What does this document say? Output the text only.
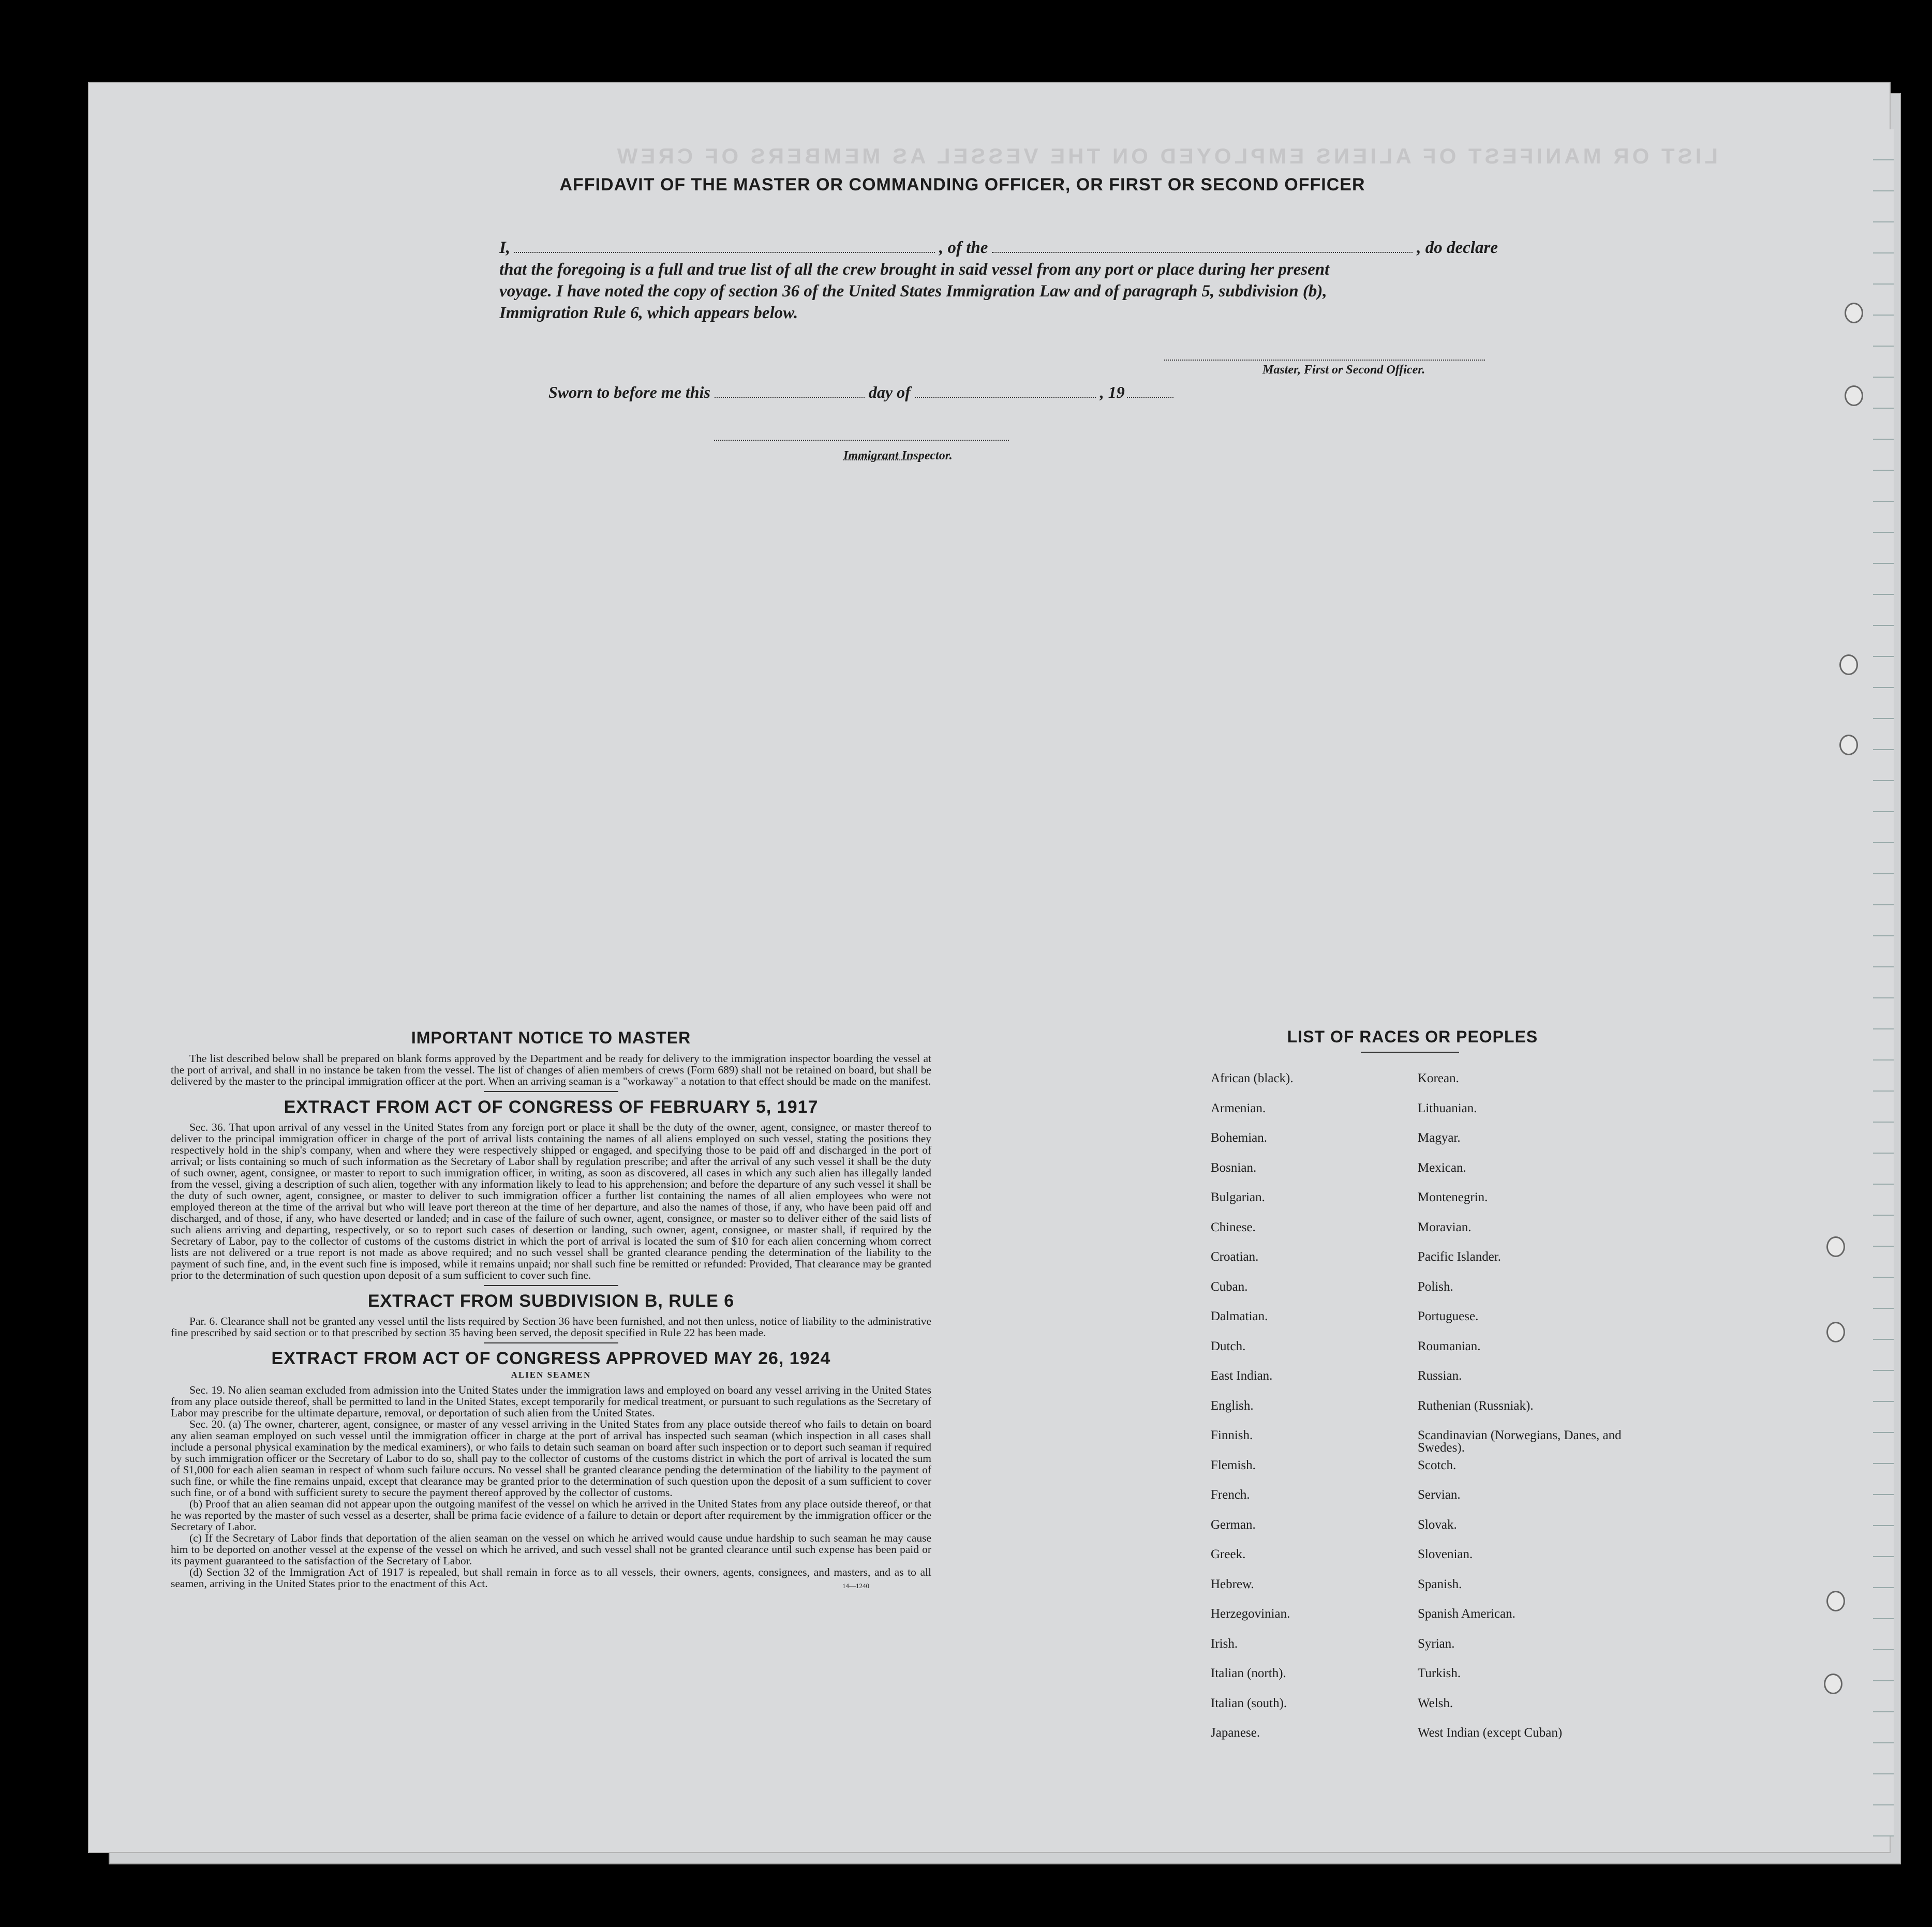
LIST OR MANIFEST OF ALIENS EMPLOYED ON THE VESSEL AS MEMBERS OF CREW
AFFIDAVIT OF THE MASTER OR COMMANDING OFFICER, OR FIRST OR SECOND OFFICER
I,	, of the	, do declare
that the foregoing is a full and true list of all the crew brought in said vessel from any port or place during her present
voyage. I have noted the copy of section 36 of the United States Immigration Law and of paragraph 5, subdivision (b),
Immigration Rule 6, which appears below.
Master, First or Second Officer.
Sworn to before me this	day of	, 19
Immigrant Inspector.
IMPORTANT NOTICE TO MASTER

The list described below shall be prepared on blank forms approved by the Department and be ready for delivery to the immigration inspector boarding the vessel at the port of arrival, and shall in no instance be taken from the vessel. The list of changes of alien members of crews (Form 689) shall not be retained on board, but shall be delivered by the master to the principal immigration officer at the port. When an arriving seaman is a "workaway" a notation to that effect should be made on the manifest.

EXTRACT FROM ACT OF CONGRESS OF FEBRUARY 5, 1917

Sec. 36. That upon arrival of any vessel in the United States from any foreign port or place it shall be the duty of the owner, agent, consignee, or master thereof to deliver to the principal immigration officer in charge of the port of arrival lists containing the names of all aliens employed on such vessel, stating the positions they respectively hold in the ship's company, when and where they were respectively shipped or engaged, and specifying those to be paid off and discharged in the port of arrival; or lists containing so much of such information as the Secretary of Labor shall by regulation prescribe; and after the arrival of any such vessel it shall be the duty of such owner, agent, consignee, or master to report to such immigration officer, in writing, as soon as discovered, all cases in which any such alien has illegally landed from the vessel, giving a description of such alien, together with any information likely to lead to his apprehension; and before the departure of any such vessel it shall be the duty of such owner, agent, consignee, or master to deliver to such immigration officer a further list containing the names of all alien employees who were not employed thereon at the time of the arrival but who will leave port thereon at the time of her departure, and also the names of those, if any, who have been paid off and discharged, and of those, if any, who have deserted or landed; and in case of the failure of such owner, agent, consignee, or master so to deliver either of the said lists of such aliens arriving and departing, respectively, or so to report such cases of desertion or landing, such owner, agent, consignee, or master shall, if required by the Secretary of Labor, pay to the collector of customs of the customs district in which the port of arrival is located the sum of $10 for each alien concerning whom correct lists are not delivered or a true report is not made as above required; and no such vessel shall be granted clearance pending the determination of the liability to the payment of such fine, and, in the event such fine is imposed, while it remains unpaid; nor shall such fine be remitted or refunded: Provided, That clearance may be granted prior to the determination of such question upon deposit of a sum sufficient to cover such fine.

EXTRACT FROM SUBDIVISION B, RULE 6

Par. 6. Clearance shall not be granted any vessel until the lists required by Section 36 have been furnished, and not then unless, notice of liability to the administrative fine prescribed by said section or to that prescribed by section 35 having been served, the deposit specified in Rule 22 has been made.

EXTRACT FROM ACT OF CONGRESS APPROVED MAY 26, 1924
ALIEN SEAMEN

Sec. 19. No alien seaman excluded from admission into the United States under the immigration laws and employed on board any vessel arriving in the United States from any place outside thereof, shall be permitted to land in the United States, except temporarily for medical treatment, or pursuant to such regulations as the Secretary of Labor may prescribe for the ultimate departure, removal, or deportation of such alien from the United States.

Sec. 20. (a) The owner, charterer, agent, consignee, or master of any vessel arriving in the United States from any place outside thereof who fails to detain on board any alien seaman employed on such vessel until the immigration officer in charge at the port of arrival has inspected such seaman (which inspection in all cases shall include a personal physical examination by the medical examiners), or who fails to detain such seaman on board after such inspection or to deport such seaman if required by such immigration officer or the Secretary of Labor to do so, shall pay to the collector of customs of the customs district in which the port of arrival is located the sum of $1,000 for each alien seaman in respect of whom such failure occurs. No vessel shall be granted clearance pending the determination of the liability to the payment of such fine, or while the fine remains unpaid, except that clearance may be granted prior to the determination of such question upon the deposit of a sum sufficient to cover such fine, or of a bond with sufficient surety to secure the payment thereof approved by the collector of customs.

(b) Proof that an alien seaman did not appear upon the outgoing manifest of the vessel on which he arrived in the United States from any place outside thereof, or that he was reported by the master of such vessel as a deserter, shall be prima facie evidence of a failure to detain or deport after requirement by the immigration officer or the Secretary of Labor.

(c) If the Secretary of Labor finds that deportation of the alien seaman on the vessel on which he arrived would cause undue hardship to such seaman he may cause him to be deported on another vessel at the expense of the vessel on which he arrived, and such vessel shall not be granted clearance until such expense has been paid or its payment guaranteed to the satisfaction of the Secretary of Labor.

(d) Section 32 of the Immigration Act of 1917 is repealed, but shall remain in force as to all vessels, their owners, agents, consignees, and masters, and as to all seamen, arriving in the United States prior to the enactment of this Act.	14—1240
LIST OF RACES OR PEOPLES
African (black).	Korean.
Armenian.	Lithuanian.
Bohemian.	Magyar.
Bosnian.	Mexican.
Bulgarian.	Montenegrin.
Chinese.	Moravian.
Croatian.	Pacific Islander.
Cuban.	Polish.
Dalmatian.	Portuguese.
Dutch.	Roumanian.
East Indian.	Russian.
English.	Ruthenian (Russniak).
Finnish.	Scandinavian (Norwegians, Danes, and Swedes).
Flemish.	Scotch.
French.	Servian.
German.	Slovak.
Greek.	Slovenian.
Hebrew.	Spanish.
Herzegovinian.	Spanish American.
Irish.	Syrian.
Italian (north).	Turkish.
Italian (south).	Welsh.
Japanese.	West Indian (except Cuban)
